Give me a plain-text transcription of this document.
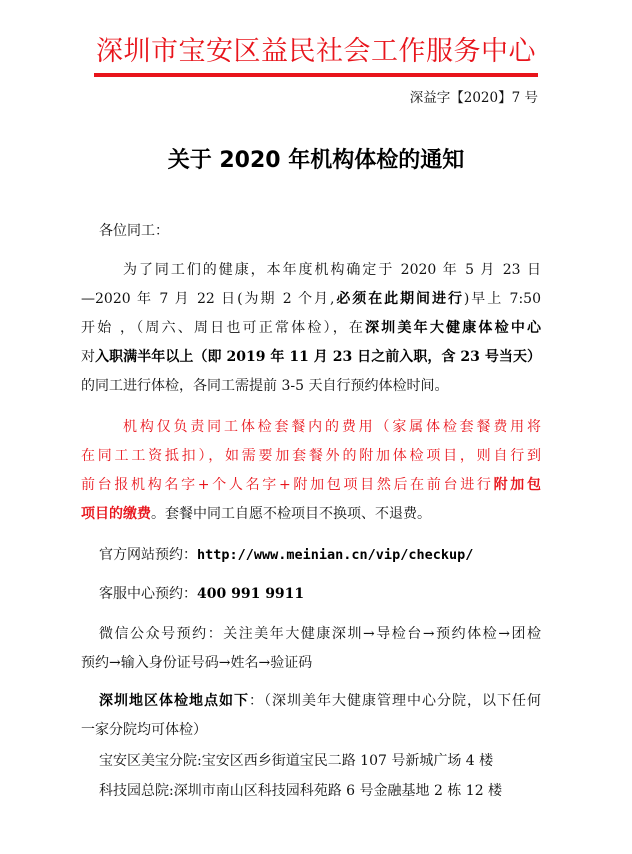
深圳市宝安区益民社会工作服务中心
深益字【2020】7 号
关于 2020 年机构体检的通知
各位同工：
为了同工们的健康，本年度机构确定于 2020 年 5 月 23 日
—2020 年 7 月 22 日(为期 2 个月,必须在此期间进行)早上 7:50
开始 ，（周六、周日也可正常体检），在深圳美年大健康体检中心
对入职满半年以上（即 2019 年 11 月 23 日之前入职，含 23 号当天）
的同工进行体检，各同工需提前 3-5 天自行预约体检时间。
机构仅负责同工体检套餐内的费用（家属体检套餐费用将
在同工工资抵扣），如需要加套餐外的附加体检项目，则自行到
前台报机构名字+个人名字+附加包项目然后在前台进行附加包
项目的缴费。套餐中同工自愿不检项目不换项、不退费。
官方网站预约：http://www.meinian.cn/vip/checkup/
客服中心预约：400 991 9911
微信公众号预约：关注美年大健康深圳→导检台→预约体检→团检
预约→输入身份证号码→姓名→验证码
深圳地区体检地点如下：（深圳美年大健康管理中心分院，以下任何
一家分院均可体检）
宝安区美宝分院:宝安区西乡街道宝民二路 107 号新城广场 4 楼
科技园总院:深圳市南山区科技园科苑路 6 号金融基地 2 栋 12 楼
